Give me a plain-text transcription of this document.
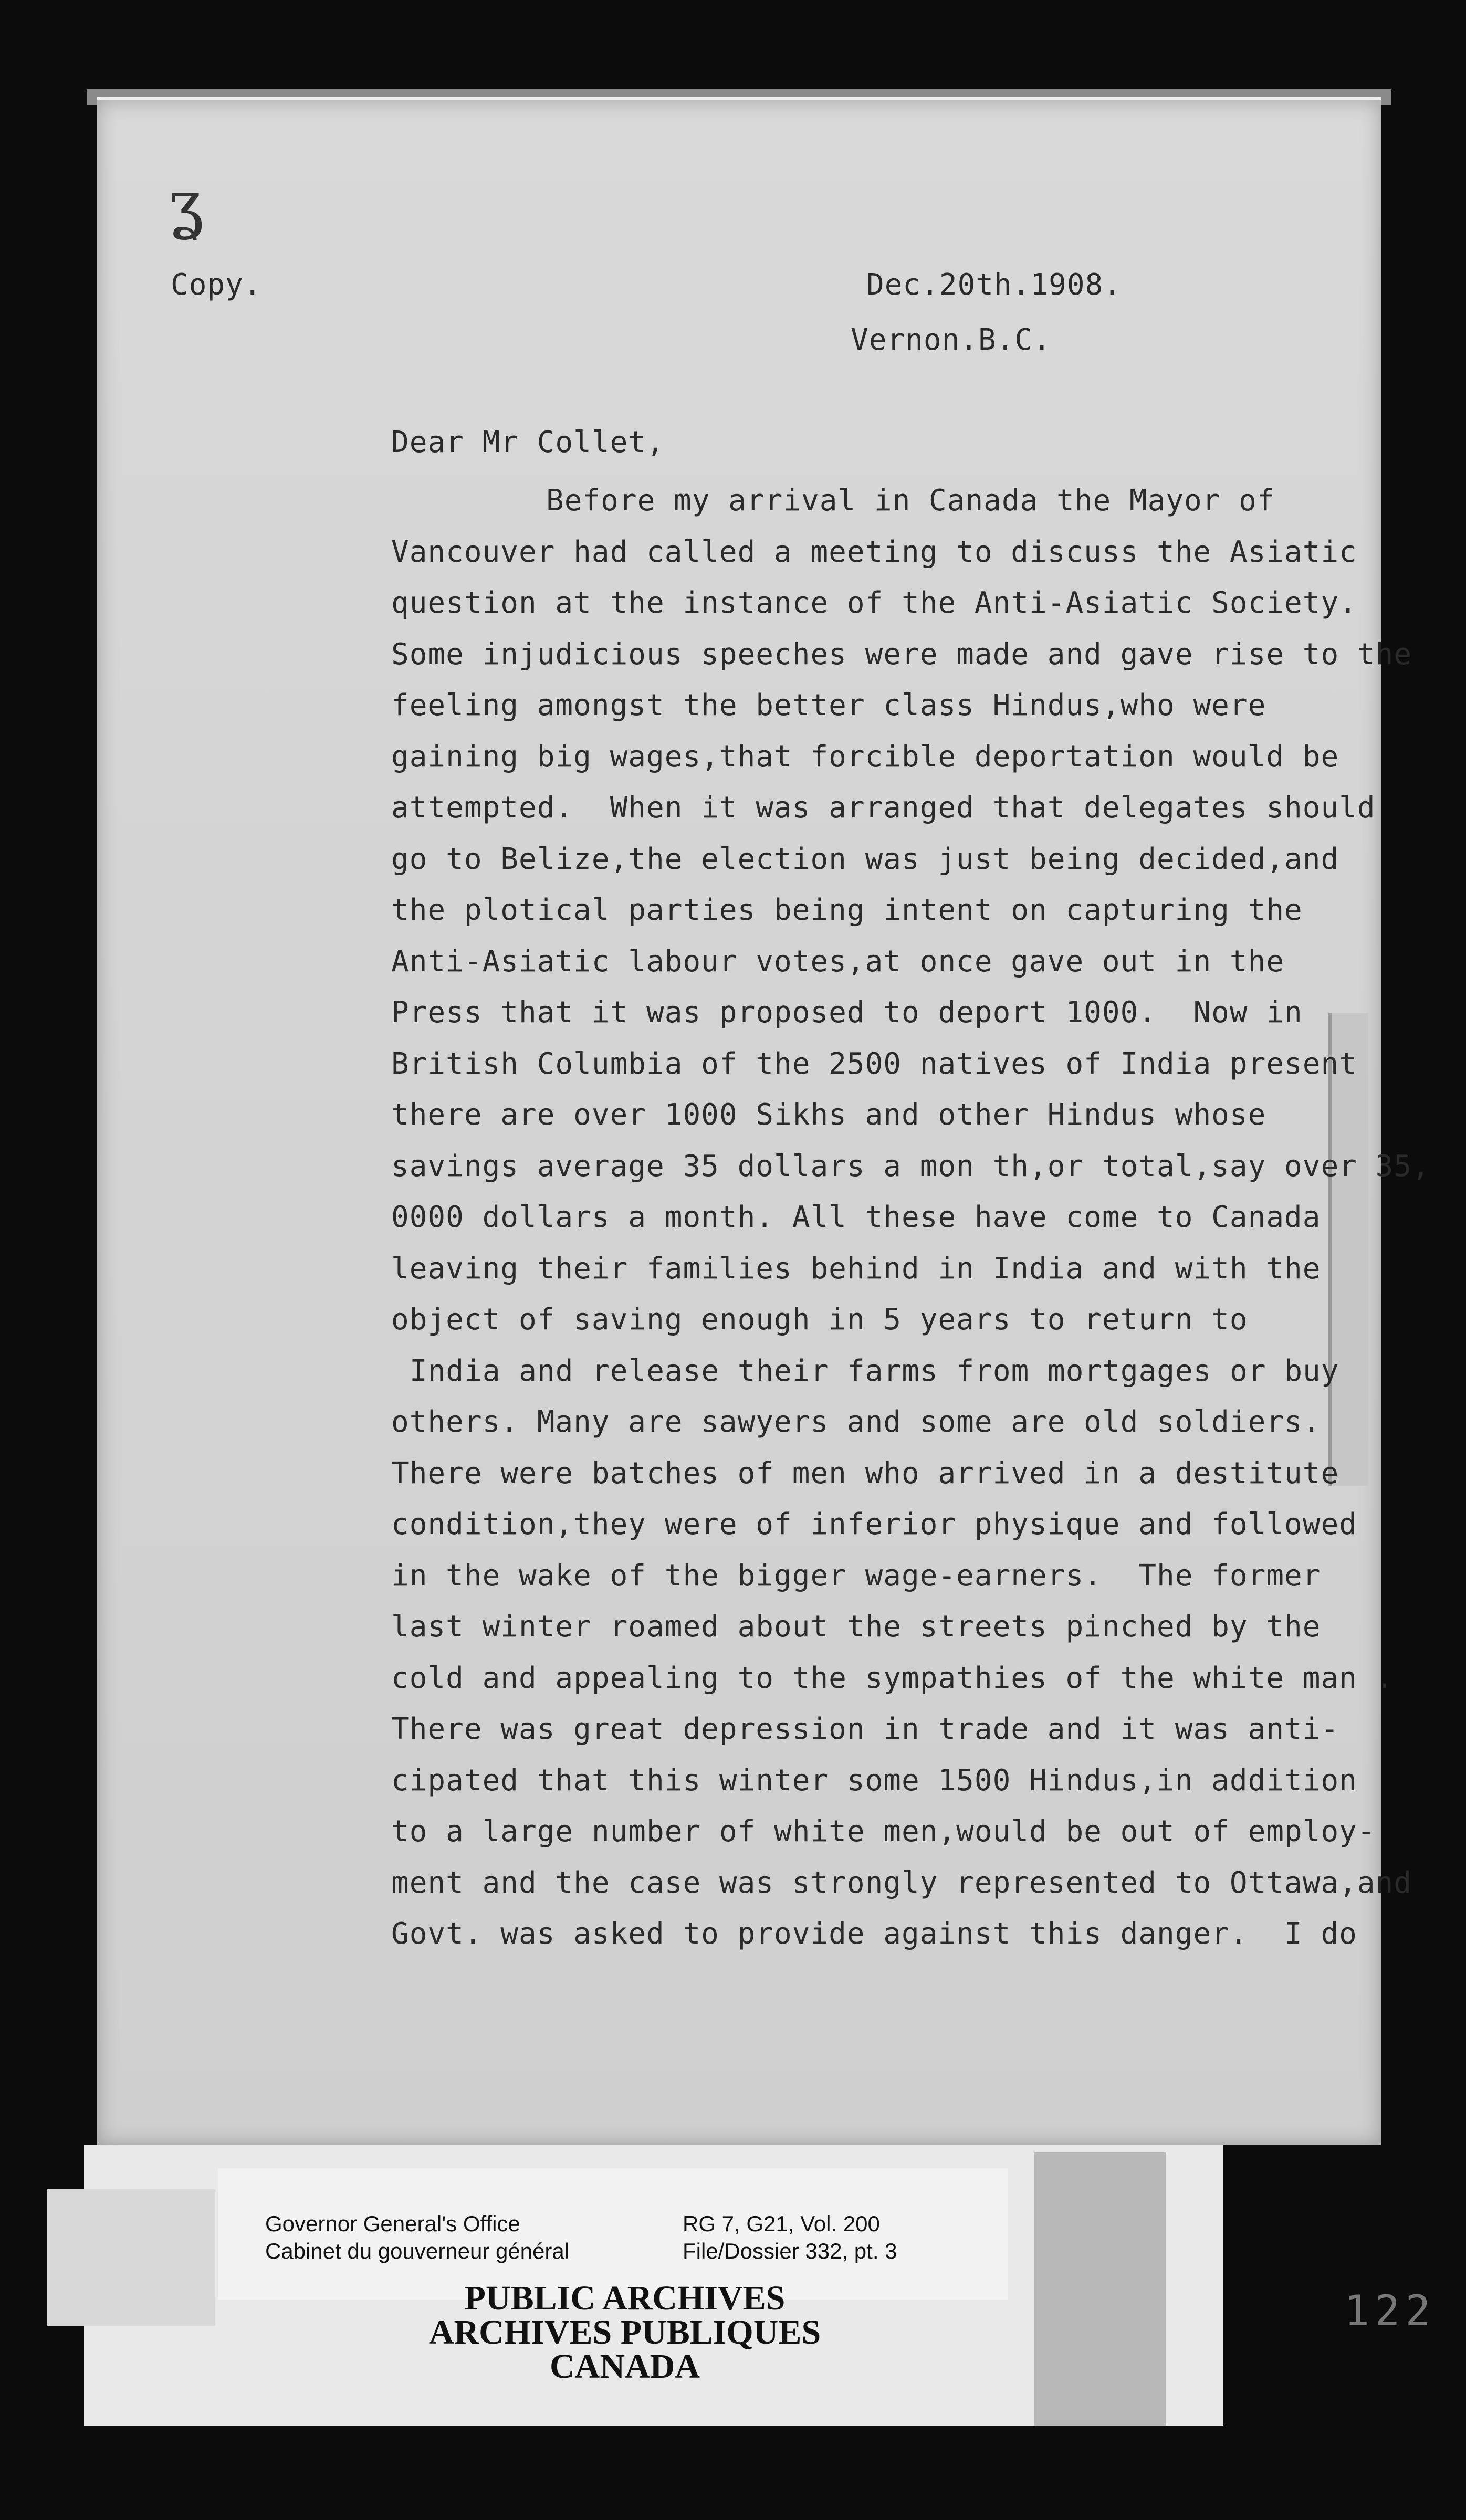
ʓ
Copy.	Dec.20th.1908.
Vernon.B.C.
Dear Mr Collet,
Before my arrival in Canada the Mayor of
Vancouver had called a meeting to discuss the Asiatic
question at the instance of the Anti-Asiatic Society.
Some injudicious speeches were made and gave rise to the
feeling amongst the better class Hindus,who were
gaining big wages,that forcible deportation would be
attempted.  When it was arranged that delegates should
go to Belize,the election was just being decided,and
the plotical parties being intent on capturing the
Anti-Asiatic labour votes,at once gave out in the
Press that it was proposed to deport 1000.  Now in
British Columbia of the 2500 natives of India present
there are over 1000 Sikhs and other Hindus whose
savings average 35 dollars a mon th,or total,say over 35,
0000 dollars a month. All these have come to Canada
leaving their families behind in India and with the
object of saving enough in 5 years to return to
India and release their farms from mortgages or buy
others. Many are sawyers and some are old soldiers.
There were batches of men who arrived in a destitute
condition,they were of inferior physique and followed
in the wake of the bigger wage-earners.  The former
last winter roamed about the streets pinched by the
cold and appealing to the sympathies of the white man .
There was great depression in trade and it was anti-
cipated that this winter some 1500 Hindus,in addition
to a large number of white men,would be out of employ-
ment and the case was strongly represented to Ottawa,and
Govt. was asked to provide against this danger.  I do
Governor General's Office
Cabinet du gouverneur général
RG 7, G21, Vol. 200
File/Dossier 332, pt. 3
PUBLIC ARCHIVES
ARCHIVES PUBLIQUES
CANADA
122
